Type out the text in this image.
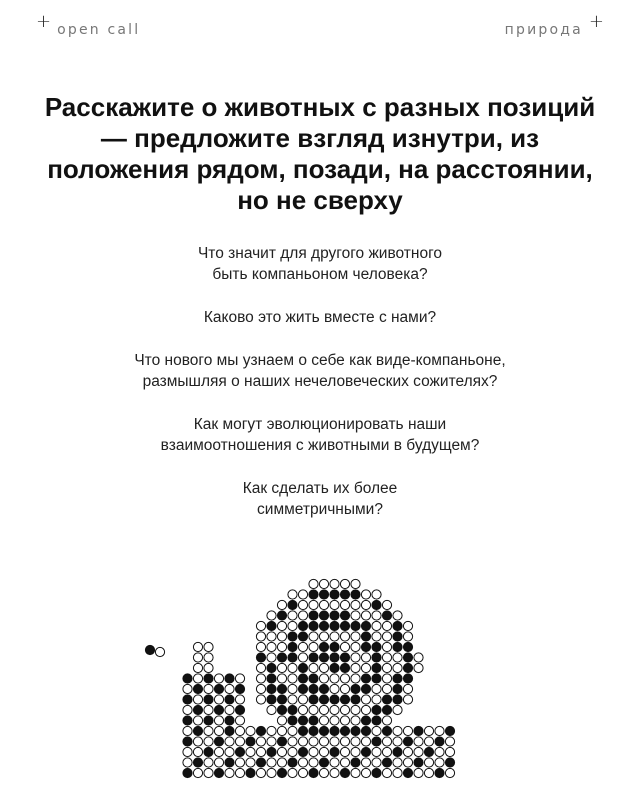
+ open call	природа +
Расскажите о животных с разных позиций — предложите взгляд изнутри, из положения рядом, позади, на расстоянии, но не сверху

Что значит для другого животного
быть компаньоном человека?

Каково это жить вместе с нами?

Что нового мы узнаем о себе как виде-компаньоне,
размышляя о наших нечеловеческих сожителях?

Как могут эволюционировать наши
взаимоотношения с животными в будущем?

Как сделать их более
симметричными?
